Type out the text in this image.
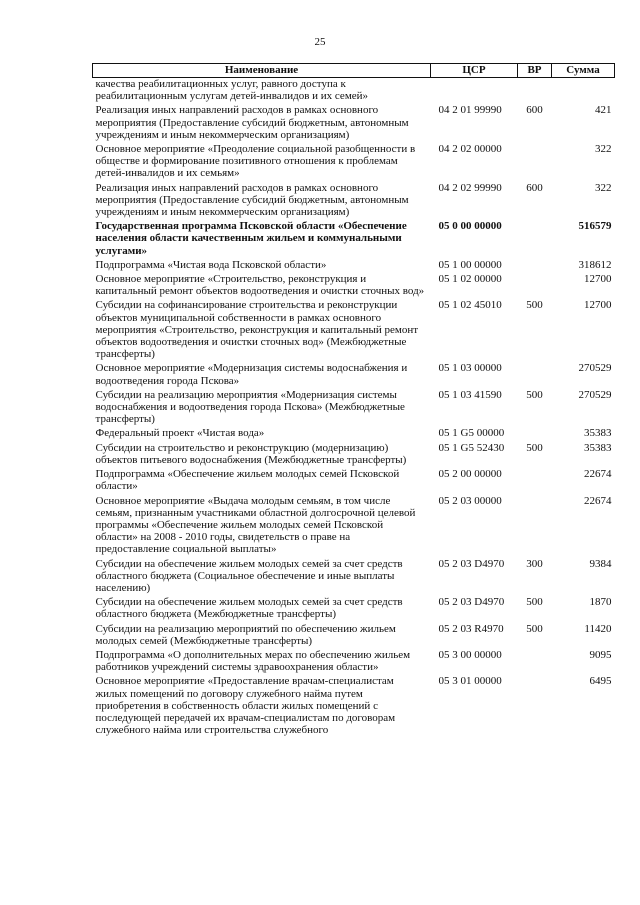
25
Наименование	ЦСР	ВР	Сумма
качества реабилитационных услуг, равного доступа к реабилитационным услугам детей-инвалидов и их семей»			
Реализация иных направлений расходов в рамках основного мероприятия (Предоставление субсидий бюджетным, автономным учреждениям и иным некоммерческим организациям)	04 2 01 99990	600	421
Основное мероприятие «Преодоление социальной разобщенности в обществе и формирование позитивного отношения к проблемам детей-инвалидов и их семьям»	04 2 02 00000		322
Реализация иных направлений расходов в рамках основного мероприятия (Предоставление субсидий бюджетным, автономным учреждениям и иным некоммерческим организациям)	04 2 02 99990	600	322
Государственная программа Псковской области «Обеспечение населения области качественным жильем и коммунальными услугами»	05 0 00 00000		516579
Подпрограмма «Чистая вода Псковской области»	05 1 00 00000		318612
Основное мероприятие «Строительство, реконструкция и капитальный ремонт объектов водоотведения и очистки сточных вод»	05 1 02 00000		12700
Субсидии на софинансирование строительства и реконструкции объектов муниципальной собственности в рамках основного мероприятия «Строительство, реконструкция и капитальный ремонт объектов водоотведения и очистки сточных вод» (Межбюджетные трансферты)	05 1 02 45010	500	12700
Основное мероприятие «Модернизация системы водоснабжения и водоотведения города Пскова»	05 1 03 00000		270529
Субсидии на реализацию мероприятия «Модернизация системы водоснабжения и водоотведения города Пскова» (Межбюджетные трансферты)	05 1 03 41590	500	270529
Федеральный проект «Чистая вода»	05 1 G5 00000		35383
Субсидии на строительство и реконструкцию (модернизацию) объектов питьевого водоснабжения (Межбюджетные трансферты)	05 1 G5 52430	500	35383
Подпрограмма «Обеспечение жильем молодых семей Псковской области»	05 2 00 00000		22674
Основное мероприятие «Выдача молодым семьям, в том числе семьям, признанным участниками областной долгосрочной целевой программы «Обеспечение жильем молодых семей Псковской области» на 2008 - 2010 годы, свидетельств о праве на предоставление социальной выплаты»	05 2 03 00000		22674
Субсидии на обеспечение жильем молодых семей за счет средств областного бюджета (Социальное обеспечение и иные выплаты населению)	05 2 03 D4970	300	9384
Субсидии на обеспечение жильем молодых семей за счет средств областного бюджета (Межбюджетные трансферты)	05 2 03 D4970	500	1870
Субсидии на реализацию мероприятий по обеспечению жильем молодых семей (Межбюджетные трансферты)	05 2 03 R4970	500	11420
Подпрограмма «О дополнительных мерах по обеспечению жильем работников учреждений системы здравоохранения области»	05 3 00 00000		9095
Основное мероприятие «Предоставление врачам-специалистам жилых помещений по договору служебного найма путем приобретения в собственность области жилых помещений с последующей передачей их врачам-специалистам по договорам служебного найма или строительства служебного	05 3 01 00000		6495
